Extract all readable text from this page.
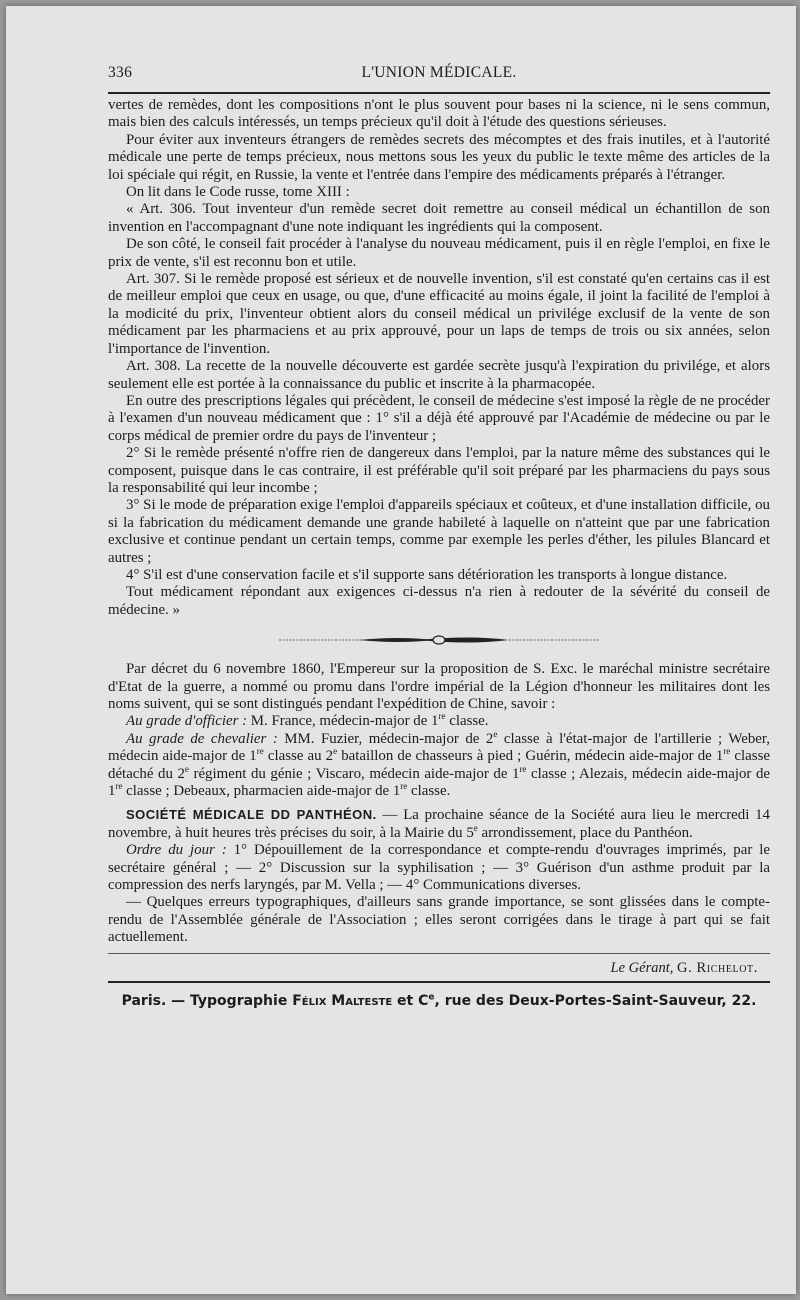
336	L'UNION MÉDICALE.

vertes de remèdes, dont les compositions n'ont le plus souvent pour bases ni la science, ni le sens commun, mais bien des calculs intéressés, un temps précieux qu'il doit à l'étude des questions sérieuses.

Pour éviter aux inventeurs étrangers de remèdes secrets des mécomptes et des frais inutiles, et à l'autorité médicale une perte de temps précieux, nous mettons sous les yeux du public le texte même des articles de la loi spéciale qui régit, en Russie, la vente et l'entrée dans l'empire des médicaments préparés à l'étranger.

On lit dans le Code russe, tome XIII :

« Art. 306. Tout inventeur d'un remède secret doit remettre au conseil médical un échantillon de son invention en l'accompagnant d'une note indiquant les ingrédients qui la composent.

De son côté, le conseil fait procéder à l'analyse du nouveau médicament, puis il en règle l'emploi, en fixe le prix de vente, s'il est reconnu bon et utile.

Art. 307. Si le remède proposé est sérieux et de nouvelle invention, s'il est constaté qu'en certains cas il est de meilleur emploi que ceux en usage, ou que, d'une efficacité au moins égale, il joint la facilité de l'emploi à la modicité du prix, l'inventeur obtient alors du conseil médical un privilége exclusif de la vente de son médicament par les pharmaciens et au prix approuvé, pour un laps de temps de trois ou six années, selon l'importance de l'invention.

Art. 308. La recette de la nouvelle découverte est gardée secrète jusqu'à l'expiration du privilége, et alors seulement elle est portée à la connaissance du public et inscrite à la pharmacopée.

En outre des prescriptions légales qui précèdent, le conseil de médecine s'est imposé la règle de ne procéder à l'examen d'un nouveau médicament que : 1° s'il a déjà été approuvé par l'Académie de médecine ou par le corps médical de premier ordre du pays de l'inventeur ;

2° Si le remède présenté n'offre rien de dangereux dans l'emploi, par la nature même des substances qui le composent, puisque dans le cas contraire, il est préférable qu'il soit préparé par les pharmaciens du pays sous la responsabilité qui leur incombe ;

3° Si le mode de préparation exige l'emploi d'appareils spéciaux et coûteux, et d'une installation difficile, ou si la fabrication du médicament demande une grande habileté à laquelle on n'atteint que par une fabrication exclusive et continue pendant un certain temps, comme par exemple les perles d'éther, les pilules Blancard et autres ;

4° S'il est d'une conservation facile et s'il supporte sans détérioration les transports à longue distance.

Tout médicament répondant aux exigences ci-dessus n'a rien à redouter de la sévérité du conseil de médecine. »

Par décret du 6 novembre 1860, l'Empereur sur la proposition de S. Exc. le maréchal ministre secrétaire d'Etat de la guerre, a nommé ou promu dans l'ordre impérial de la Légion d'honneur les militaires dont les noms suivent, qui se sont distingués pendant l'expédition de Chine, savoir :

Au grade d'officier : M. France, médecin-major de 1re classe.

Au grade de chevalier : MM. Fuzier, médecin-major de 2e classe à l'état-major de l'artillerie ; Weber, médecin aide-major de 1re classe au 2e bataillon de chasseurs à pied ; Guérin, médecin aide-major de 1re classe détaché du 2e régiment du génie ; Viscaro, médecin aide-major de 1re classe ; Alezais, médecin aide-major de 1re classe ; Debeaux, pharmacien aide-major de 1re classe.

SOCIÉTÉ MÉDICALE DD PANTHÉON. — La prochaine séance de la Société aura lieu le mercredi 14 novembre, à huit heures très précises du soir, à la Mairie du 5e arrondissement, place du Panthéon.

Ordre du jour : 1° Dépouillement de la correspondance et compte-rendu d'ouvrages imprimés, par le secrétaire général ; — 2° Discussion sur la syphilisation ; — 3° Guérison d'un asthme produit par la compression des nerfs laryngés, par M. Vella ; — 4° Communications diverses.

— Quelques erreurs typographiques, d'ailleurs sans grande importance, se sont glissées dans le compte-rendu de l'Assemblée générale de l'Association ; elles seront corrigées dans le tirage à part qui se fait actuellement.

Le Gérant, G. Richelot.
Paris. — Typographie Félix Malteste et Ce, rue des Deux-Portes-Saint-Sauveur, 22.
